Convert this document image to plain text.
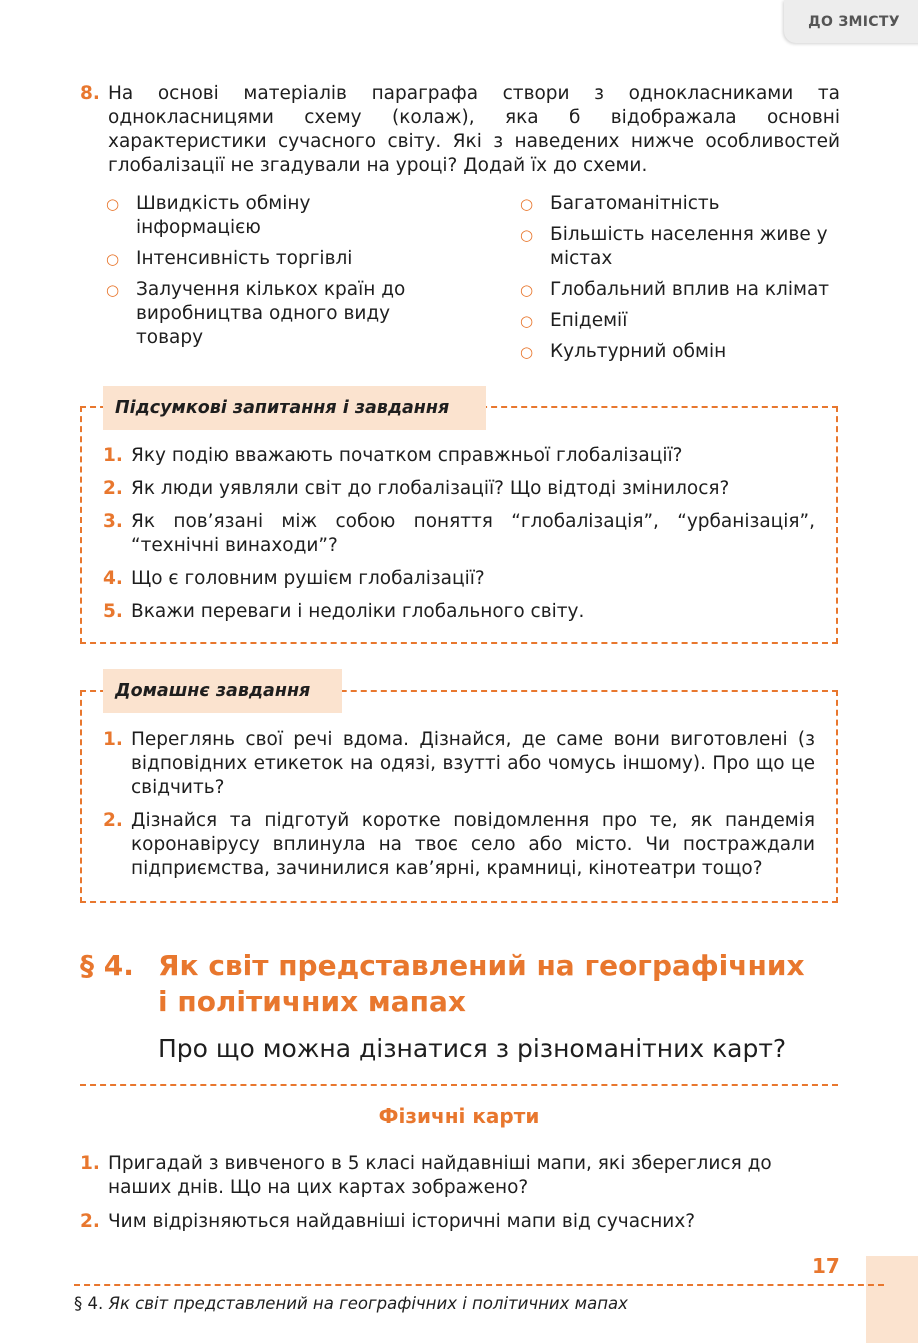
ДО ЗМІСТУ
8. На основі матеріалів параграфа створи з однокласниками та однокласницями схему (колаж), яка б відображала основні характеристики сучасного світу. Які з наведених нижче особливостей глобалізації не згадували на уроці? Додай їх до схеми.
○ Швидкість обміну інформацією
○ Інтенсивність торгівлі
○ Залучення кількох країн до виробництва одного виду товару
○ Багатоманітність
○ Більшість населення живе у містах
○ Глобальний вплив на клімат
○ Епідемії
○ Культурний обмін
Підсумкові запитання і завдання
1. Яку подію вважають початком справжньої глобалізації?
2. Як люди уявляли світ до глобалізації? Що відтоді змінилося?
3. Як пов’язані між собою поняття “глобалізація”, “урбанізація”, “технічні винаходи”?
4. Що є головним рушієм глобалізації?
5. Вкажи переваги і недоліки глобального світу.
Домашнє завдання
1. Переглянь свої речі вдома. Дізнайся, де саме вони виготовлені (з відповідних етикеток на одязі, взутті або чомусь іншому). Про що це свідчить?
2. Дізнайся та підготуй коротке повідомлення про те, як пандемія коронавірусу вплинула на твоє село або місто. Чи постраждали підприємства, зачинилися кав’ярні, крамниці, кінотеатри тощо?
§ 4. Як світ представлений на географічних
і політичних мапах
Про що можна дізнатися з різноманітних карт?
Фізичні карти
1. Пригадай з вивченого в 5 класі найдавніші мапи, які збереглися до наших днів. Що на цих картах зображено?
2. Чим відрізняються найдавніші історичні мапи від сучасних?
17
§ 4. Як світ представлений на географічних і політичних мапах
